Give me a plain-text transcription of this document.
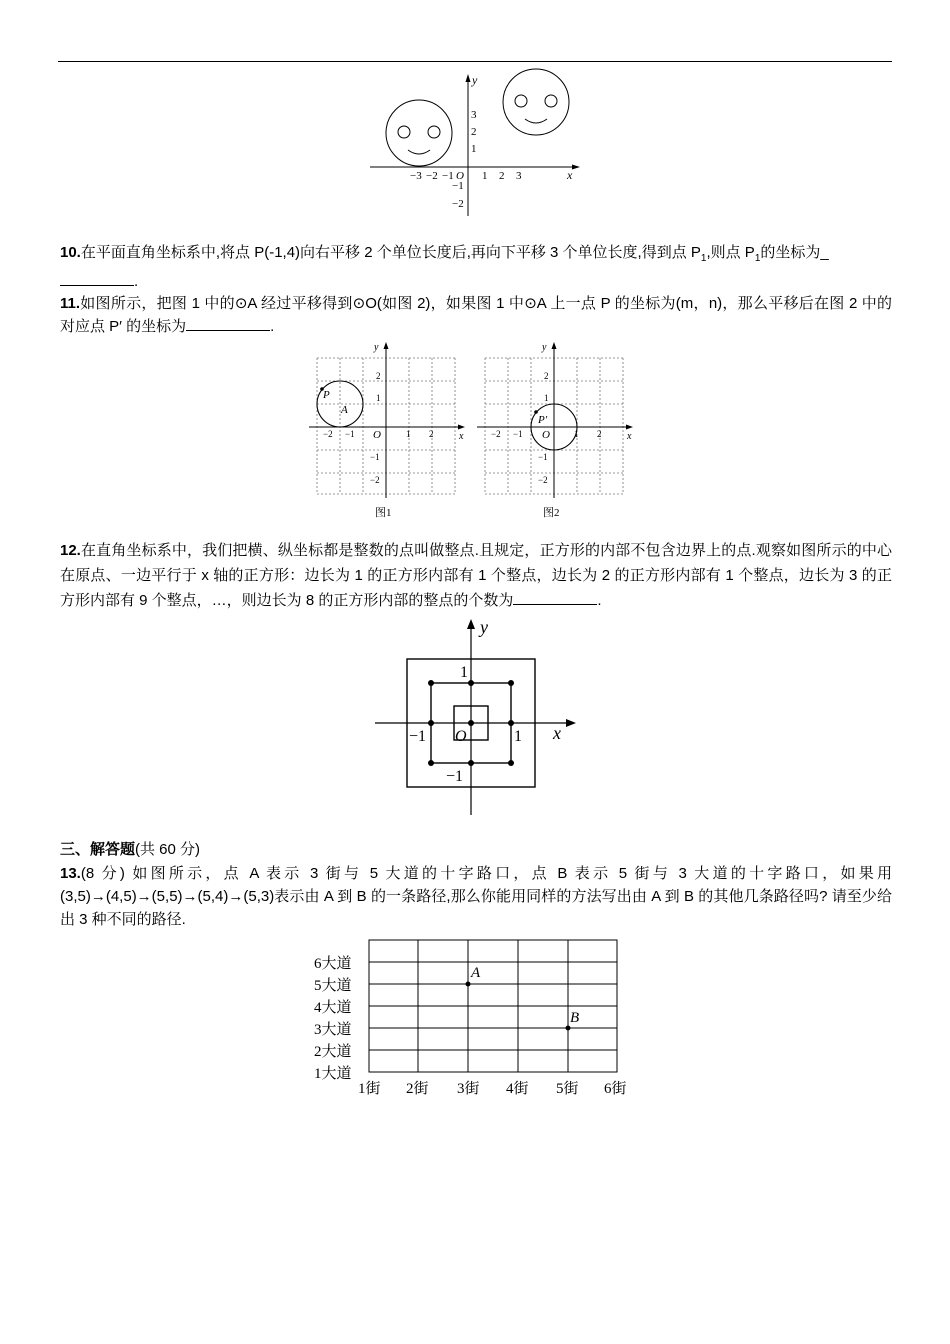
x
y
O
−3 −2 −1	1 2 3
3
2
1
−1
−2
10.在平面直角坐标系中,将点 P(-1,4)向右平移 2 个单位长度后,再向下平移 3 个单位长度,得到点 $P_1$,则点 $P_1$的坐标为_
.
11.如图所示，把图 1 中的⊙A 经过平移得到⊙O(如图 2)，如果图 1 中⊙A 上一点 P 的坐标为(m，n)，那么平移后在图 2 中的对应点 P′ 的坐标为	.
P
A
O	x
y
−2 −1	1 2
2
1
−1
−2
图1
P′
O	x
y
−2 −1	1 2
2
1
−1
−2
图2
12.在直角坐标系中，我们把横、纵坐标都是整数的点叫做整点.且规定，正方形的内部不包含边界上的点.观察如图所示的中心在原点、一边平行于 x 轴的正方形：边长为 1 的正方形内部有 1 个整点，边长为 2 的正方形内部有 1 个整点，边长为 3 的正方形内部有 9 个整点，…，则边长为 8 的正方形内部的整点的个数为	.
y
x
O
1
1
−1
−1
三、解答题(共 60 分)
13.(8 分) 如图所示，点 A 表示 3 街与 5 大道的十字路口，点 B 表示 5 街与 3 大道的十字路口，如果用(3,5)→(4,5)→(5,5)→(5,4)→(5,3)表示由 A 到 B 的一条路径,那么你能用同样的方法写出由 A 到 B 的其他几条路径吗? 请至少给出 3 种不同的路径.
A
B
6大道
5大道
4大道
3大道
2大道
1大道
1街 2街 3街 4街 5街 6街
